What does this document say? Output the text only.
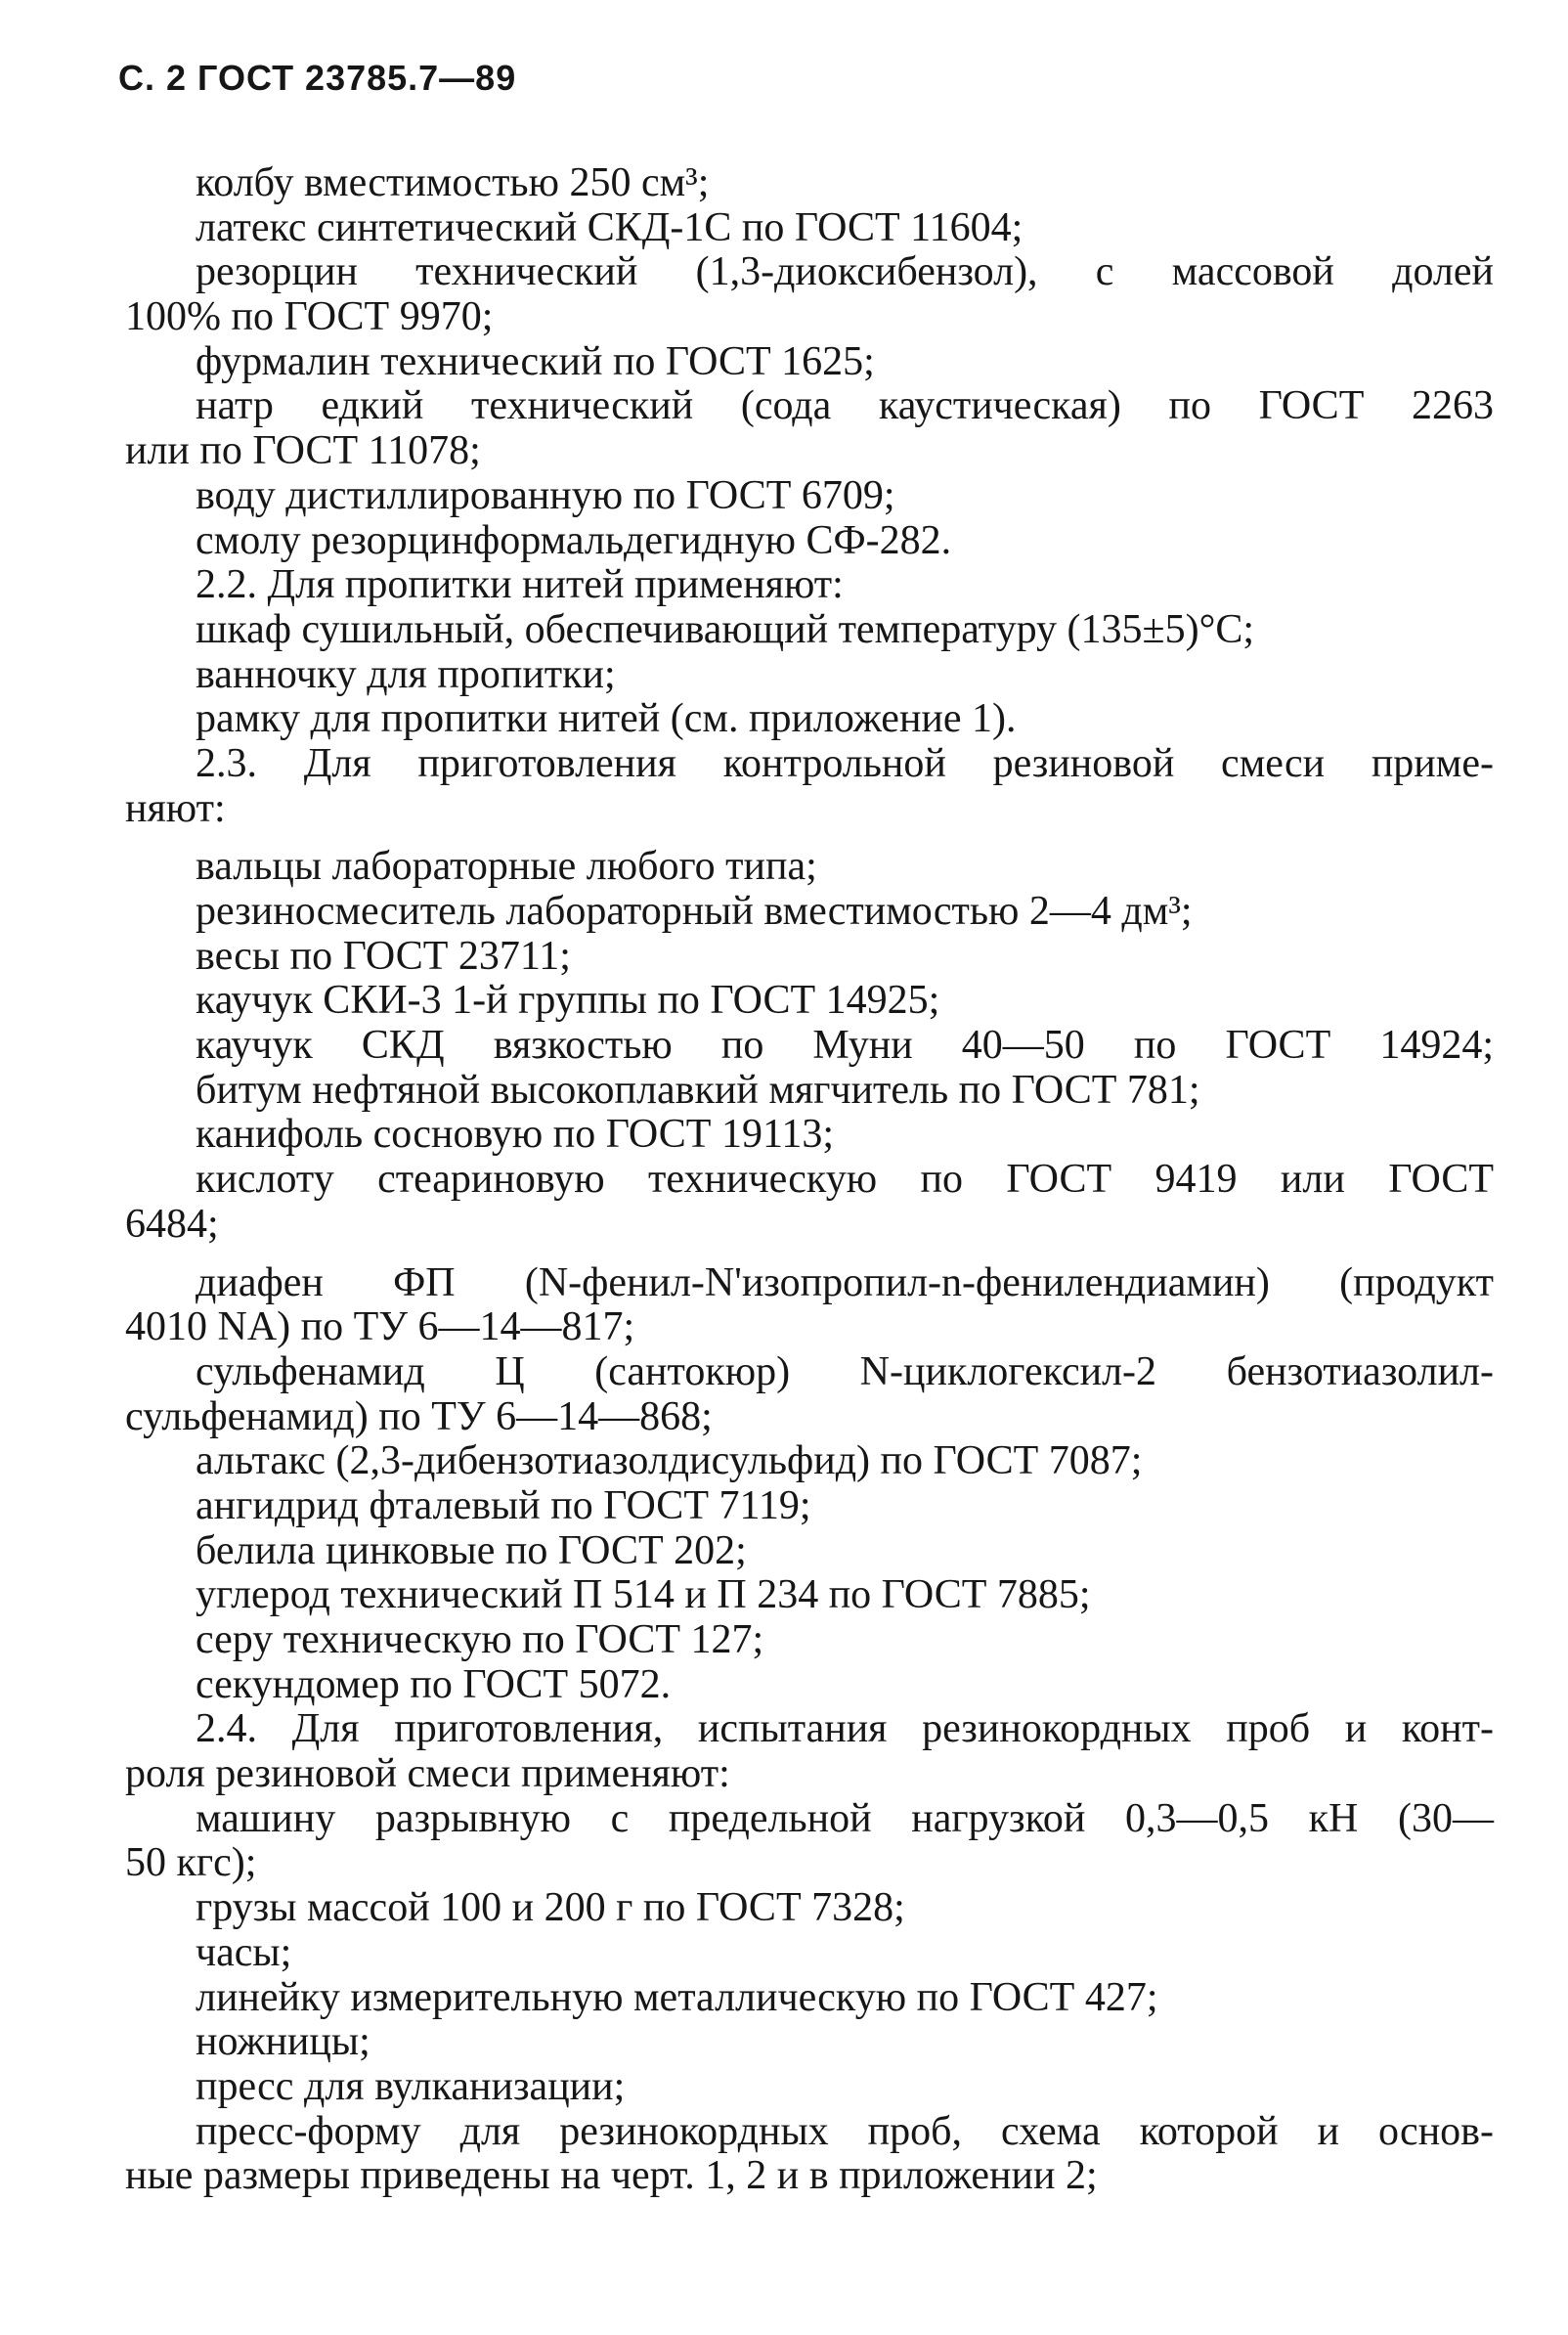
С. 2 ГОСТ 23785.7—89
колбу вместимостью 250 см³;
латекс синтетический СКД-1С по ГОСТ 11604;
резорцин технический (1,3-диоксибензол), с массовой долей
100% по ГОСТ 9970;
фурмалин технический по ГОСТ 1625;
натр едкий технический (сода каустическая) по ГОСТ 2263
или по ГОСТ 11078;
воду дистиллированную по ГОСТ 6709;
смолу резорцинформальдегидную СФ-282.
2.2. Для пропитки нитей применяют:
шкаф сушильный, обеспечивающий температуру (135±5)°С;
ванночку для пропитки;
рамку для пропитки нитей (см. приложение 1).
2.3. Для приготовления контрольной резиновой смеси приме-
няют:
вальцы лабораторные любого типа;
резиносмеситель лабораторный вместимостью 2—4 дм³;
весы по ГОСТ 23711;
каучук СКИ-3 1-й группы по ГОСТ 14925;
каучук СКД вязкостью по Муни 40—50 по ГОСТ 14924;
битум нефтяной высокоплавкий мягчитель по ГОСТ 781;
канифоль сосновую по ГОСТ 19113;
кислоту стеариновую техническую по ГОСТ 9419 или ГОСТ
6484;
диафен ФП (N-фенил-N'изопропил-n-фенилендиамин) (продукт
4010 NA) по ТУ 6—14—817;
сульфенамид Ц (сантокюр) N-циклогексил-2 бензотиазолил-
сульфенамид) по ТУ 6—14—868;
альтакс (2,3-дибензотиазолдисульфид) по ГОСТ 7087;
ангидрид фталевый по ГОСТ 7119;
белила цинковые по ГОСТ 202;
углерод технический П 514 и П 234 по ГОСТ 7885;
серу техническую по ГОСТ 127;
секундомер по ГОСТ 5072.
2.4. Для приготовления, испытания резинокордных проб и конт-
роля резиновой смеси применяют:
машину разрывную с предельной нагрузкой 0,3—0,5 кН (30—
50 кгс);
грузы массой 100 и 200 г по ГОСТ 7328;
часы;
линейку измерительную металлическую по ГОСТ 427;
ножницы;
пресс для вулканизации;
пресс-форму для резинокордных проб, схема которой и основ-
ные размеры приведены на черт. 1, 2 и в приложении 2;
